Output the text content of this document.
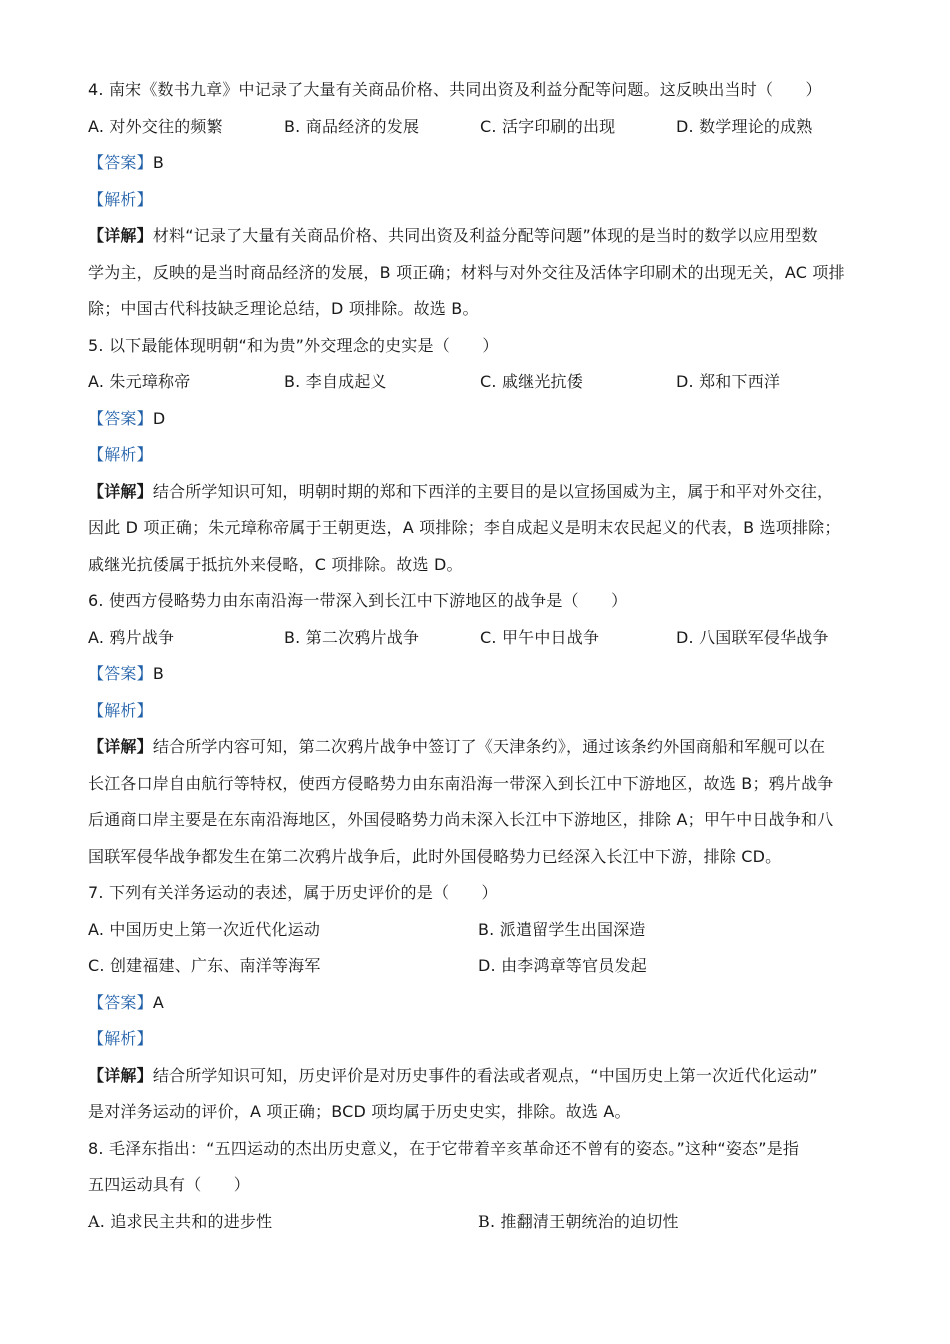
4. 南宋《数书九章》中记录了大量有关商品价格、共同出资及利益分配等问题。这反映出当时（　　）
A. 对外交往的频繁	B. 商品经济的发展	C. 活字印刷的出现	D. 数学理论的成熟
【答案】B
【解析】
【详解】材料“记录了大量有关商品价格、共同出资及利益分配等问题”体现的是当时的数学以应用型数
学为主，反映的是当时商品经济的发展，B 项正确；材料与对外交往及活体字印刷术的出现无关，AC 项排
除；中国古代科技缺乏理论总结，D 项排除。故选 B。
5. 以下最能体现明朝“和为贵”外交理念的史实是（　　）
A. 朱元璋称帝	B. 李自成起义	C. 戚继光抗倭	D. 郑和下西洋
【答案】D
【解析】
【详解】结合所学知识可知，明朝时期的郑和下西洋的主要目的是以宣扬国威为主，属于和平对外交往，
因此 D 项正确；朱元璋称帝属于王朝更迭，A 项排除；李自成起义是明末农民起义的代表，B 选项排除；
戚继光抗倭属于抵抗外来侵略，C 项排除。故选 D。
6. 使西方侵略势力由东南沿海一带深入到长江中下游地区的战争是（　　）
A. 鸦片战争	B. 第二次鸦片战争	C. 甲午中日战争	D. 八国联军侵华战争
【答案】B
【解析】
【详解】结合所学内容可知，第二次鸦片战争中签订了《天津条约》，通过该条约外国商船和军舰可以在
长江各口岸自由航行等特权，使西方侵略势力由东南沿海一带深入到长江中下游地区，故选 B；鸦片战争
后通商口岸主要是在东南沿海地区，外国侵略势力尚未深入长江中下游地区，排除 A；甲午中日战争和八
国联军侵华战争都发生在第二次鸦片战争后，此时外国侵略势力已经深入长江中下游，排除 CD。
7. 下列有关洋务运动的表述，属于历史评价的是（　　）
A. 中国历史上第一次近代化运动	B. 派遣留学生出国深造
C. 创建福建、广东、南洋等海军	D. 由李鸿章等官员发起
【答案】A
【解析】
【详解】结合所学知识可知，历史评价是对历史事件的看法或者观点，“中国历史上第一次近代化运动”
是对洋务运动的评价，A 项正确；BCD 项均属于历史史实，排除。故选 A。
8. 毛泽东指出：“五四运动的杰出历史意义，在于它带着辛亥革命还不曾有的姿态。”这种“姿态”是指
五四运动具有（　　）
A. 追求民主共和的进步性	B. 推翻清王朝统治的迫切性
